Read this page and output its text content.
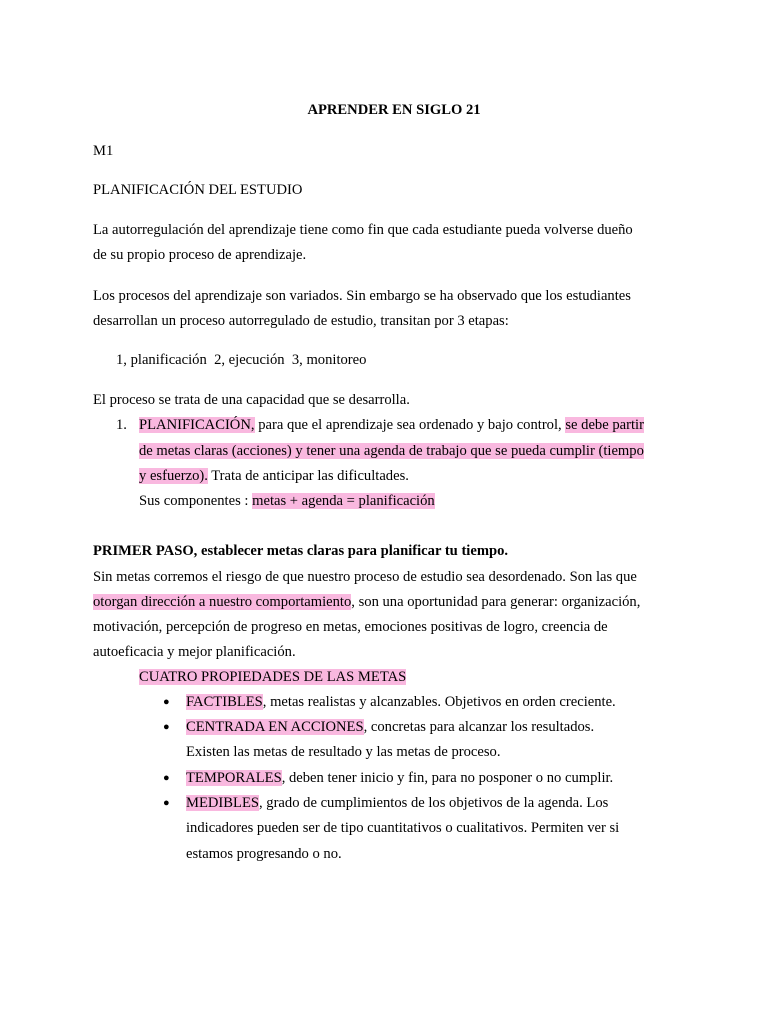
APRENDER EN SIGLO 21
M1
PLANIFICACIÓN DEL ESTUDIO
La autorregulación del aprendizaje tiene como fin que cada estudiante pueda volverse dueño
de su propio proceso de aprendizaje.
Los procesos del aprendizaje son variados. Sin embargo se ha observado que los estudiantes
desarrollan un proceso autorregulado de estudio, transitan por 3 etapas:
1, planificación  2, ejecución  3, monitoreo
El proceso se trata de una capacidad que se desarrolla.
1. PLANIFICACIÓN, para que el aprendizaje sea ordenado y bajo control, se debe partir
de metas claras (acciones) y tener una agenda de trabajo que se pueda cumplir (tiempo
y esfuerzo). Trata de anticipar las dificultades.
Sus componentes : metas + agenda = planificación
PRIMER PASO, establecer metas claras para planificar tu tiempo.
Sin metas corremos el riesgo de que nuestro proceso de estudio sea desordenado. Son las que
otorgan dirección a nuestro comportamiento, son una oportunidad para generar: organización,
motivación, percepción de progreso en metas, emociones positivas de logro, creencia de
autoeficacia y mejor planificación.
CUATRO PROPIEDADES DE LAS METAS
● FACTIBLES, metas realistas y alcanzables. Objetivos en orden creciente.
● CENTRADA EN ACCIONES, concretas para alcanzar los resultados.
Existen las metas de resultado y las metas de proceso.
● TEMPORALES, deben tener inicio y fin, para no posponer o no cumplir.
● MEDIBLES, grado de cumplimientos de los objetivos de la agenda. Los
indicadores pueden ser de tipo cuantitativos o cualitativos. Permiten ver si
estamos progresando o no.
